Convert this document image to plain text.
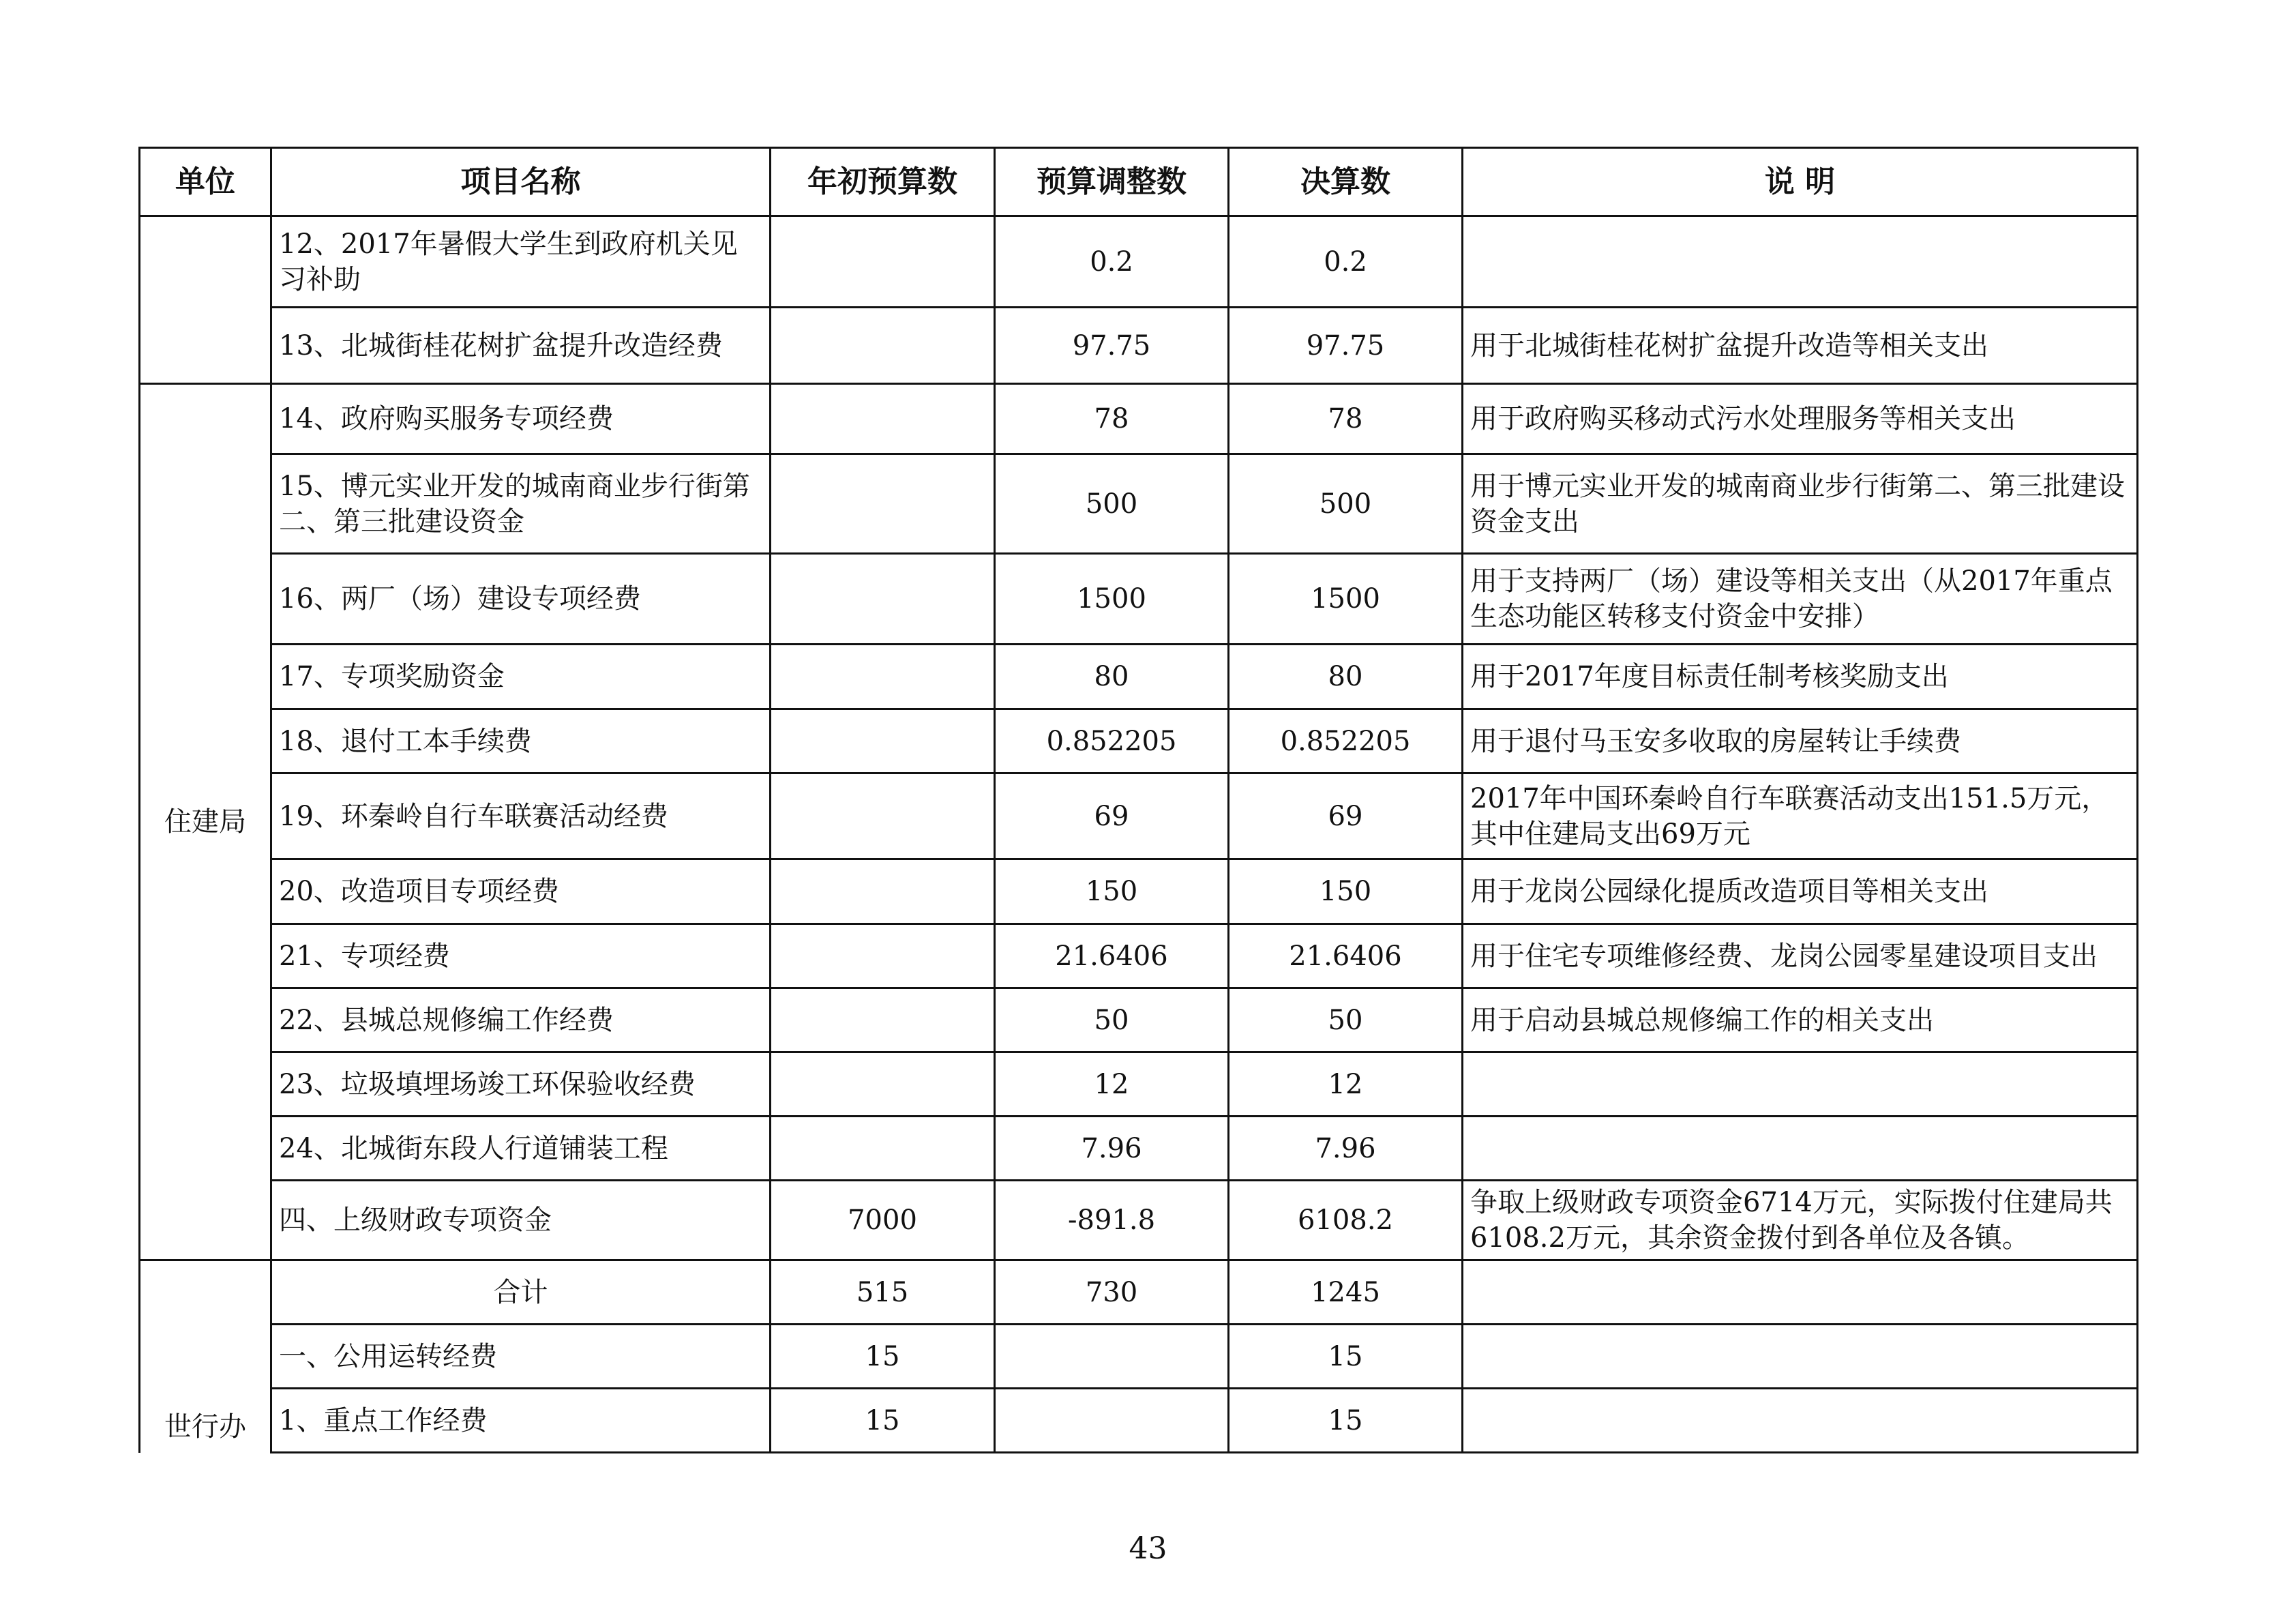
单位	项目名称	年初预算数	预算调整数	决算数	说 明
	12、2017年暑假大学生到政府机关见习补助		0.2	0.2	
	13、北城街桂花树扩盆提升改造经费		97.75	97.75	用于北城街桂花树扩盆提升改造等相关支出
住建局	14、政府购买服务专项经费		78	78	用于政府购买移动式污水处理服务等相关支出
	15、博元实业开发的城南商业步行街第二、第三批建设资金		500	500	用于博元实业开发的城南商业步行街第二、第三批建设资金支出
	16、两厂（场）建设专项经费		1500	1500	用于支持两厂（场）建设等相关支出（从2017年重点生态功能区转移支付资金中安排）
	17、专项奖励资金		80	80	用于2017年度目标责任制考核奖励支出
	18、退付工本手续费		0.852205	0.852205	用于退付马玉安多收取的房屋转让手续费
	19、环秦岭自行车联赛活动经费		69	69	2017年中国环秦岭自行车联赛活动支出151.5万元，其中住建局支出69万元
	20、改造项目专项经费		150	150	用于龙岗公园绿化提质改造项目等相关支出
	21、专项经费		21.6406	21.6406	用于住宅专项维修经费、龙岗公园零星建设项目支出
	22、县城总规修编工作经费		50	50	用于启动县城总规修编工作的相关支出
	23、垃圾填埋场竣工环保验收经费		12	12	
	24、北城街东段人行道铺装工程		7.96	7.96	
	四、上级财政专项资金	7000	-891.8	6108.2	争取上级财政专项资金6714万元，实际拨付住建局共6108.2万元，其余资金拨付到各单位及各镇。
世行办	合计	515	730	1245	
	一、公用运转经费	15		15	
	1、重点工作经费	15		15	
43
